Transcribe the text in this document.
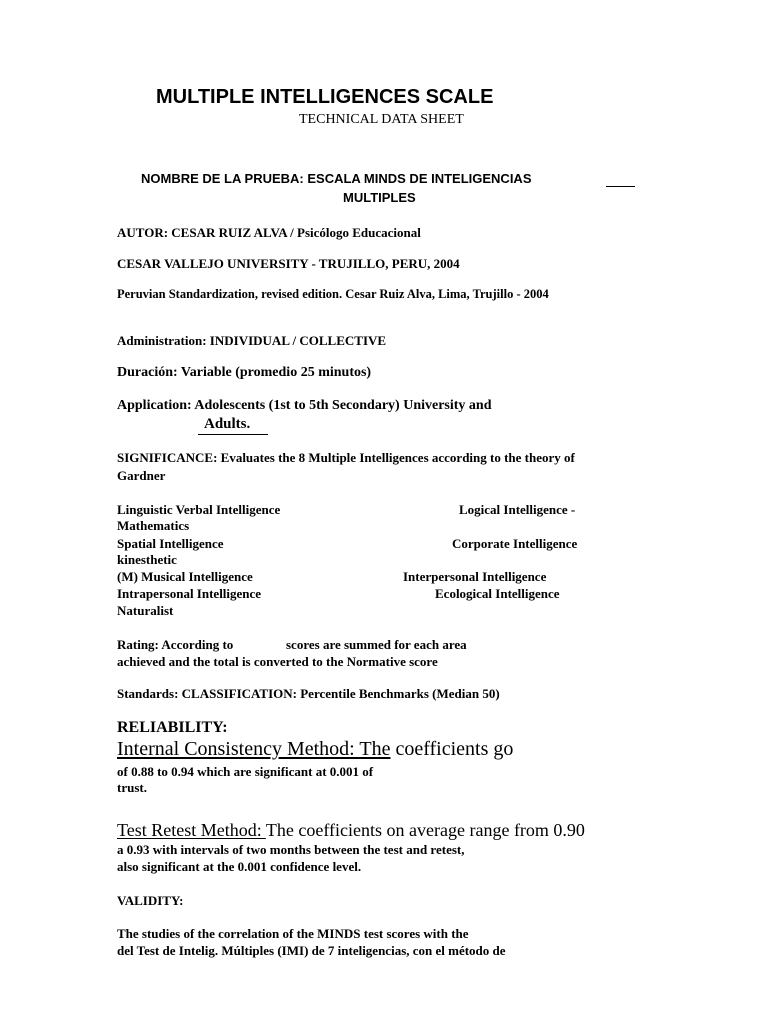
MULTIPLE INTELLIGENCES SCALE
TECHNICAL DATA SHEET
NOMBRE DE LA PRUEBA: ESCALA MINDS DE INTELIGENCIAS
MULTIPLES
AUTOR: CESAR RUIZ ALVA / Psicólogo Educacional
CESAR VALLEJO UNIVERSITY - TRUJILLO, PERU, 2004
Peruvian Standardization, revised edition. Cesar Ruiz Alva, Lima, Trujillo - 2004
Administration: INDIVIDUAL / COLLECTIVE
Duración: Variable (promedio 25 minutos)
Application: Adolescents (1st to 5th Secondary) University and
Adults.
SIGNIFICANCE: Evaluates the 8 Multiple Intelligences according to the theory of
Gardner
Linguistic Verbal Intelligence	Logical Intelligence -
Mathematics
Spatial Intelligence	Corporate Intelligence
kinesthetic
(M) Musical Intelligence	Interpersonal Intelligence
Intrapersonal Intelligence	Ecological Intelligence
Naturalist
Rating: According to	scores are summed for each area
achieved and the total is converted to the Normative score
Standards: CLASSIFICATION: Percentile Benchmarks (Median 50)
RELIABILITY:
Internal Consistency Method: The coefficients go
of 0.88 to 0.94 which are significant at 0.001 of
trust.
Test Retest Method: The coefficients on average range from 0.90
a 0.93 with intervals of two months between the test and retest,
also significant at the 0.001 confidence level.
VALIDITY:
The studies of the correlation of the MINDS test scores with the
del Test de Intelig. Múltiples (IMI) de 7 inteligencias, con el método de
